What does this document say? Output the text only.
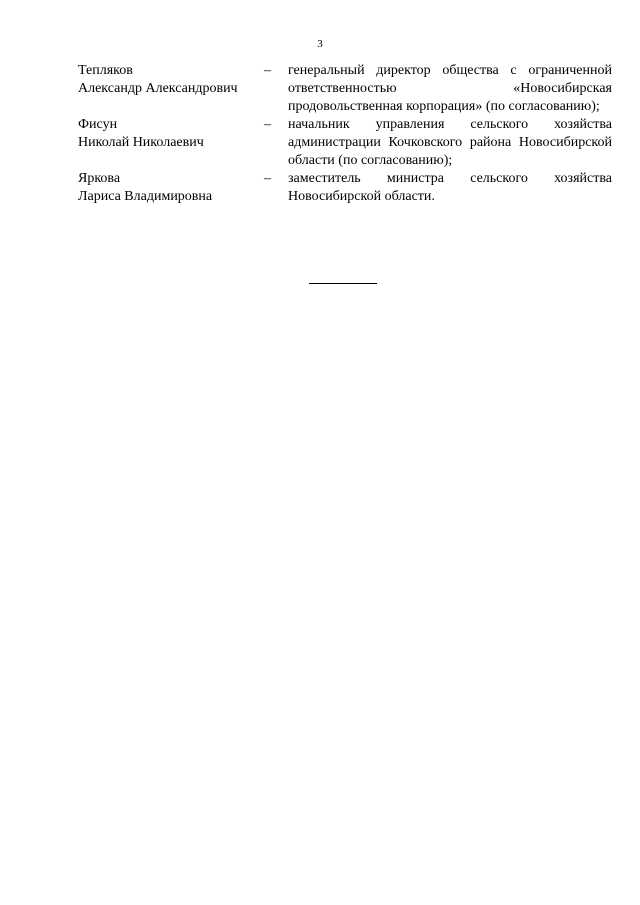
3
Тепляков
Александр Александрович
–	генеральный директор общества с ограниченной ответственностью «Новосибирская продовольственная корпорация» (по согласованию);
Фисун
Николай Николаевич
–	начальник управления сельского хозяйства администрации Кочковского района Новосибирской области (по согласованию);
Яркова
Лариса Владимировна
–	заместитель министра сельского хозяйства Новосибирской области.
